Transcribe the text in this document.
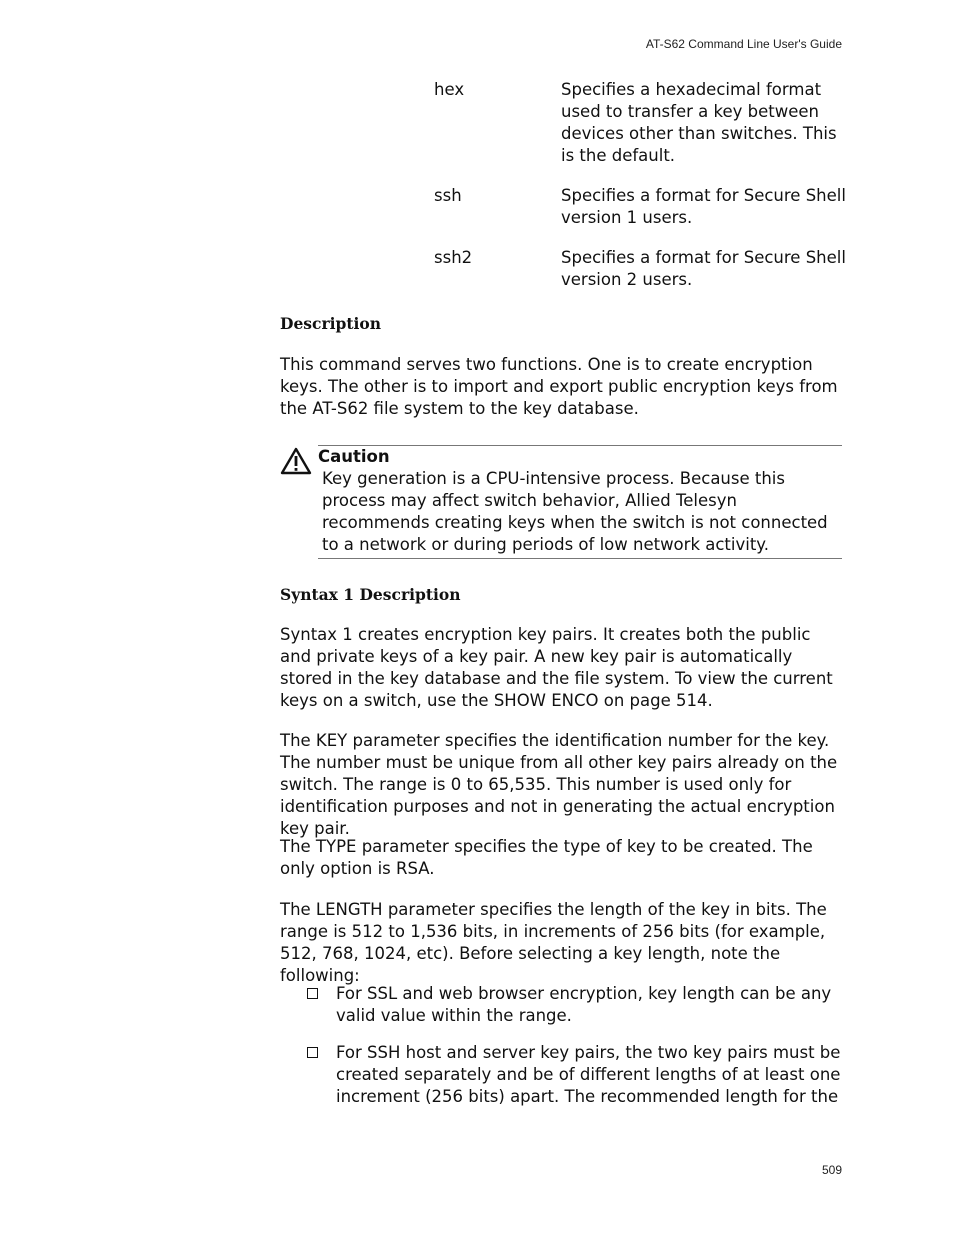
AT-S62 Command Line User's Guide
hex	Specifies a hexadecimal format used to transfer a key between devices other than switches. This is the default.
ssh	Specifies a format for Secure Shell version 1 users.
ssh2	Specifies a format for Secure Shell version 2 users.
Description
This command serves two functions. One is to create encryption keys. The other is to import and export public encryption keys from the AT-S62 file system to the key database.
Caution
Key generation is a CPU-intensive process. Because this process may affect switch behavior, Allied Telesyn recommends creating keys when the switch is not connected to a network or during periods of low network activity.
Syntax 1 Description
Syntax 1 creates encryption key pairs. It creates both the public and private keys of a key pair. A new key pair is automatically stored in the key database and the file system. To view the current keys on a switch, use the SHOW ENCO on page 514.
The KEY parameter specifies the identification number for the key. The number must be unique from all other key pairs already on the switch. The range is 0 to 65,535. This number is used only for identification purposes and not in generating the actual encryption key pair.
The TYPE parameter specifies the type of key to be created. The only option is RSA.
The LENGTH parameter specifies the length of the key in bits. The range is 512 to 1,536 bits, in increments of 256 bits (for example, 512, 768, 1024, etc). Before selecting a key length, note the following:
For SSL and web browser encryption, key length can be any valid value within the range.
For SSH host and server key pairs, the two key pairs must be created separately and be of different lengths of at least one increment (256 bits) apart. The recommended length for the
509
